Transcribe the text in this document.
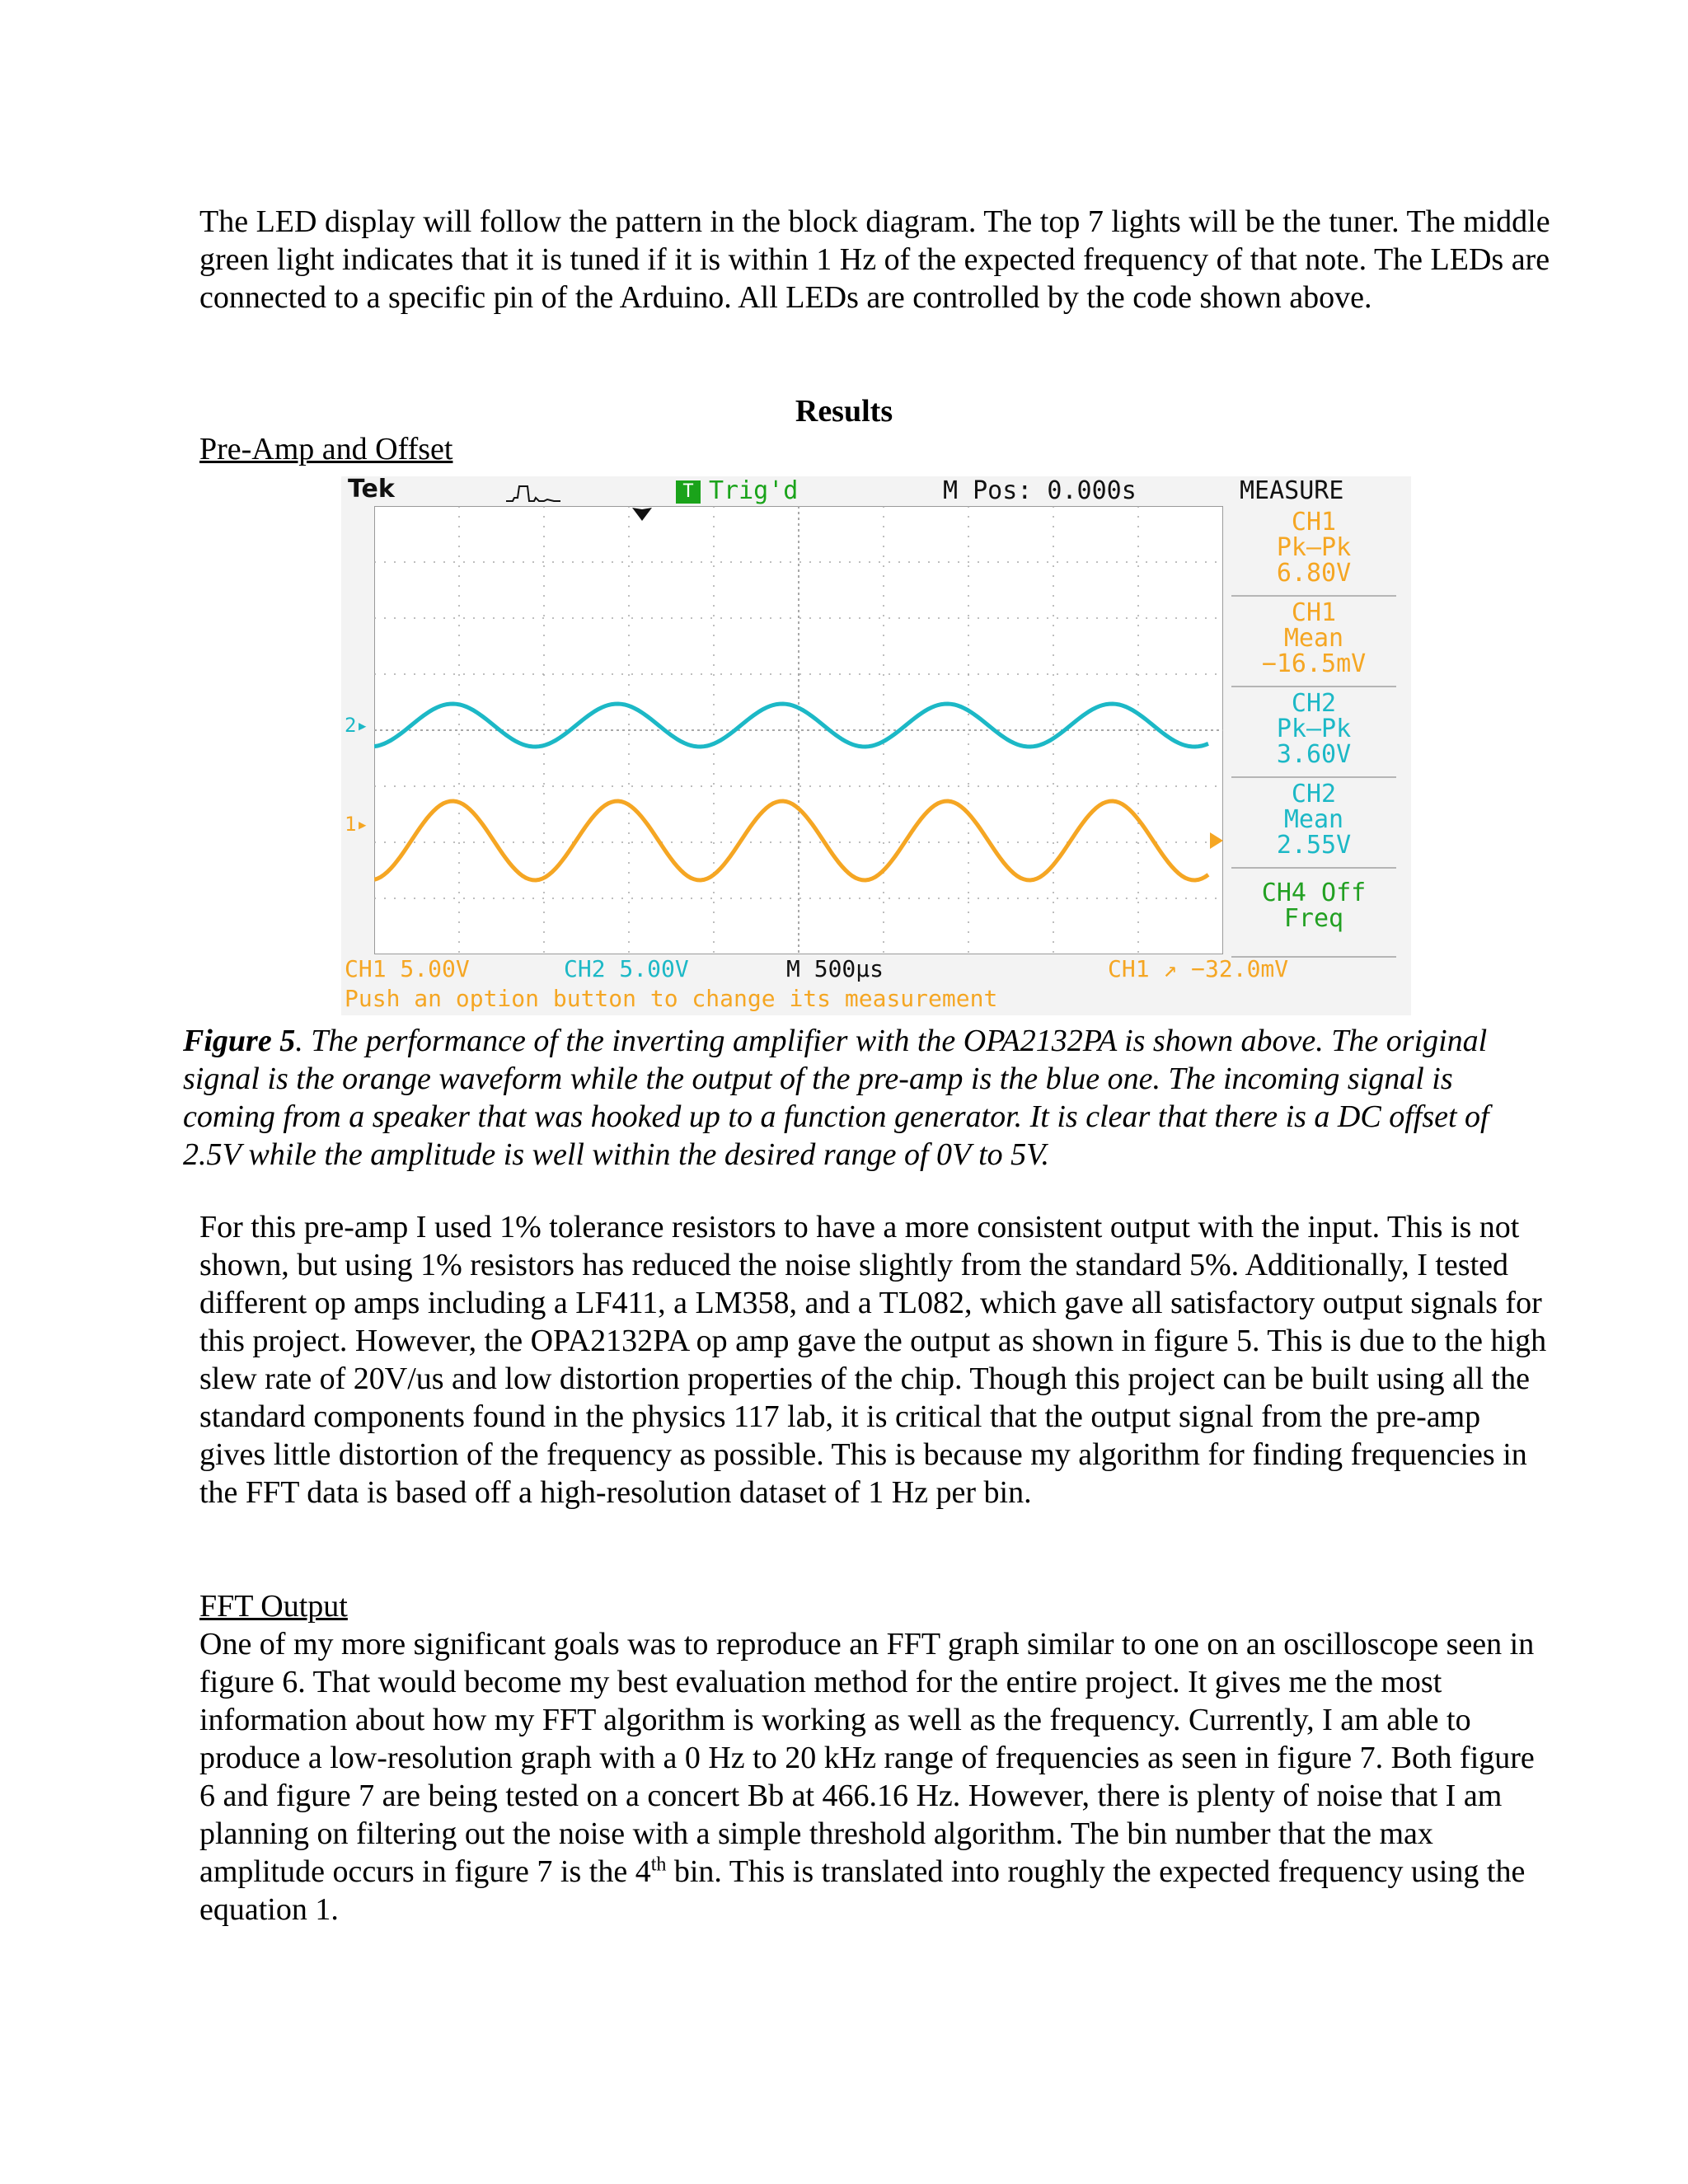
The LED display will follow the pattern in the block diagram. The top 7 lights will be the tuner. The middle green light indicates that it is tuned if it is within 1 Hz of the expected frequency of that note. The LEDs are connected to a specific pin of the Arduino. All LEDs are controlled by the code shown above.

Results

Pre-Amp and Offset

Tek	T Trig'd	M Pos: 0.000s	MEASURE
2▸
1▸
CH1
Pk–Pk
6.80V
CH1
Mean
−16.5mV
CH2
Pk–Pk
3.60V
CH2
Mean
2.55V
CH4 Off
Freq
CH1 5.00V	CH2 5.00V	M 500µs	CH1 ↗ −32.0mV
Push an option button to change its measurement

Figure 5. The performance of the inverting amplifier with the OPA2132PA is shown above. The original signal is the orange waveform while the output of the pre-amp is the blue one. The incoming signal is coming from a speaker that was hooked up to a function generator. It is clear that there is a DC offset of 2.5V while the amplitude is well within the desired range of 0V to 5V.

For this pre-amp I used 1% tolerance resistors to have a more consistent output with the input. This is not shown, but using 1% resistors has reduced the noise slightly from the standard 5%. Additionally, I tested different op amps including a LF411, a LM358, and a TL082, which gave all satisfactory output signals for this project. However, the OPA2132PA op amp gave the output as shown in figure 5. This is due to the high slew rate of 20V/us and low distortion properties of the chip. Though this project can be built using all the standard components found in the physics 117 lab, it is critical that the output signal from the pre-amp gives little distortion of the frequency as possible. This is because my algorithm for finding frequencies in the FFT data is based off a high-resolution dataset of 1 Hz per bin.

FFT Output

One of my more significant goals was to reproduce an FFT graph similar to one on an oscilloscope seen in figure 6. That would become my best evaluation method for the entire project. It gives me the most information about how my FFT algorithm is working as well as the frequency. Currently, I am able to produce a low-resolution graph with a 0 Hz to 20 kHz range of frequencies as seen in figure 7. Both figure 6 and figure 7 are being tested on a concert Bb at 466.16 Hz. However, there is plenty of noise that I am planning on filtering out the noise with a simple threshold algorithm. The bin number that the max amplitude occurs in figure 7 is the 4th bin. This is translated into roughly the expected frequency using the equation 1.
